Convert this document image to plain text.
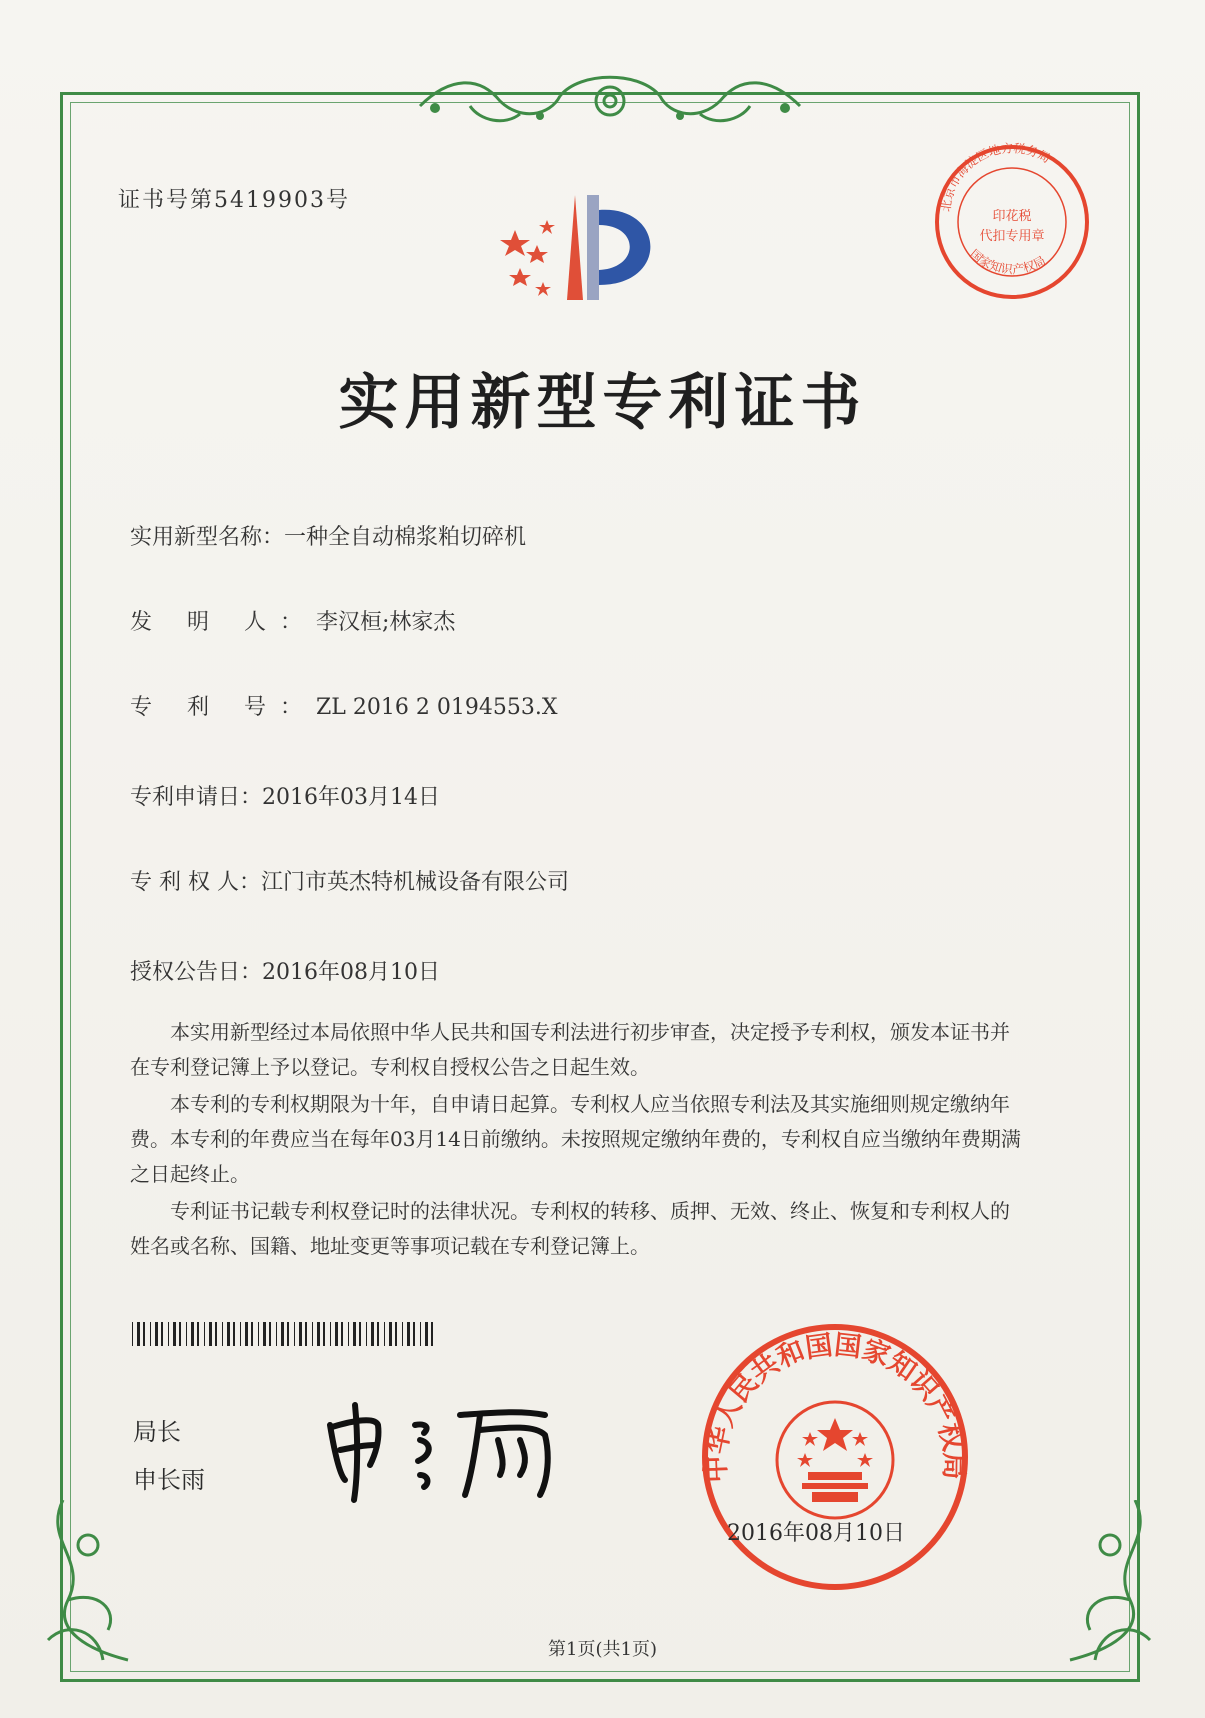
证书号第5419903号	北京市海淀区地方税务局
印花税
代扣专用章
国家知识产权局
实用新型专利证书
实用新型名称：一种全自动棉浆粕切碎机
发 明 人：李汉桓;林家杰
专 利 号：ZL 2016 2 0194553.X
专利申请日：2016年03月14日
专 利 权 人：江门市英杰特机械设备有限公司
授权公告日：2016年08月10日

本实用新型经过本局依照中华人民共和国专利法进行初步审查，决定授予专利权，颁发本证书并在专利登记簿上予以登记。专利权自授权公告之日起生效。

本专利的专利权期限为十年，自申请日起算。专利权人应当依照专利法及其实施细则规定缴纳年费。本专利的年费应当在每年03月14日前缴纳。未按照规定缴纳年费的，专利权自应当缴纳年费期满之日起终止。

专利证书记载专利权登记时的法律状况。专利权的转移、质押、无效、终止、恢复和专利权人的姓名或名称、国籍、地址变更等事项记载在专利登记簿上。

局长
申长雨	中华人民共和国国家知识产权局
2016年08月10日
第1页(共1页)
